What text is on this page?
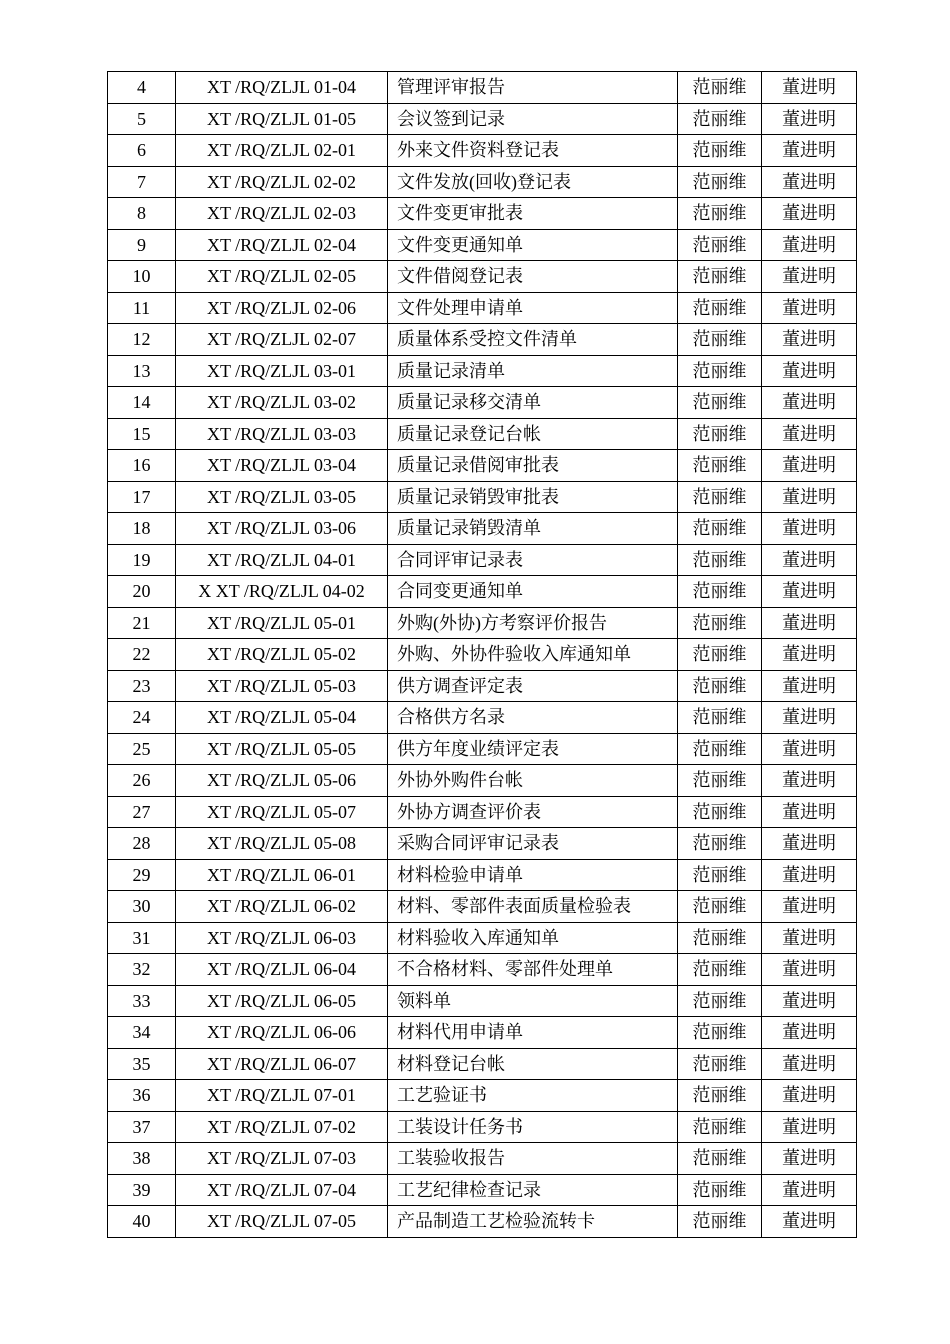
4	XT /RQ/ZLJL 01-04	管理评审报告	范丽维	董进明
5	XT /RQ/ZLJL 01-05	会议签到记录	范丽维	董进明
6	XT /RQ/ZLJL 02-01	外来文件资料登记表	范丽维	董进明
7	XT /RQ/ZLJL 02-02	文件发放(回收)登记表	范丽维	董进明
8	XT /RQ/ZLJL 02-03	文件变更审批表	范丽维	董进明
9	XT /RQ/ZLJL 02-04	文件变更通知单	范丽维	董进明
10	XT /RQ/ZLJL 02-05	文件借阅登记表	范丽维	董进明
11	XT /RQ/ZLJL 02-06	文件处理申请单	范丽维	董进明
12	XT /RQ/ZLJL 02-07	质量体系受控文件清单	范丽维	董进明
13	XT /RQ/ZLJL 03-01	质量记录清单	范丽维	董进明
14	XT /RQ/ZLJL 03-02	质量记录移交清单	范丽维	董进明
15	XT /RQ/ZLJL 03-03	质量记录登记台帐	范丽维	董进明
16	XT /RQ/ZLJL 03-04	质量记录借阅审批表	范丽维	董进明
17	XT /RQ/ZLJL 03-05	质量记录销毁审批表	范丽维	董进明
18	XT /RQ/ZLJL 03-06	质量记录销毁清单	范丽维	董进明
19	XT /RQ/ZLJL 04-01	合同评审记录表	范丽维	董进明
20	X XT /RQ/ZLJL 04-02	合同变更通知单	范丽维	董进明
21	XT /RQ/ZLJL 05-01	外购(外协)方考察评价报告	范丽维	董进明
22	XT /RQ/ZLJL 05-02	外购、外协件验收入库通知单	范丽维	董进明
23	XT /RQ/ZLJL 05-03	供方调查评定表	范丽维	董进明
24	XT /RQ/ZLJL 05-04	合格供方名录	范丽维	董进明
25	XT /RQ/ZLJL 05-05	供方年度业绩评定表	范丽维	董进明
26	XT /RQ/ZLJL 05-06	外协外购件台帐	范丽维	董进明
27	XT /RQ/ZLJL 05-07	外协方调查评价表	范丽维	董进明
28	XT /RQ/ZLJL 05-08	采购合同评审记录表	范丽维	董进明
29	XT /RQ/ZLJL 06-01	材料检验申请单	范丽维	董进明
30	XT /RQ/ZLJL 06-02	材料、零部件表面质量检验表	范丽维	董进明
31	XT /RQ/ZLJL 06-03	材料验收入库通知单	范丽维	董进明
32	XT /RQ/ZLJL 06-04	不合格材料、零部件处理单	范丽维	董进明
33	XT /RQ/ZLJL 06-05	领料单	范丽维	董进明
34	XT /RQ/ZLJL 06-06	材料代用申请单	范丽维	董进明
35	XT /RQ/ZLJL 06-07	材料登记台帐	范丽维	董进明
36	XT /RQ/ZLJL 07-01	工艺验证书	范丽维	董进明
37	XT /RQ/ZLJL 07-02	工装设计任务书	范丽维	董进明
38	XT /RQ/ZLJL 07-03	工装验收报告	范丽维	董进明
39	XT /RQ/ZLJL 07-04	工艺纪律检查记录	范丽维	董进明
40	XT /RQ/ZLJL 07-05	产品制造工艺检验流转卡	范丽维	董进明
